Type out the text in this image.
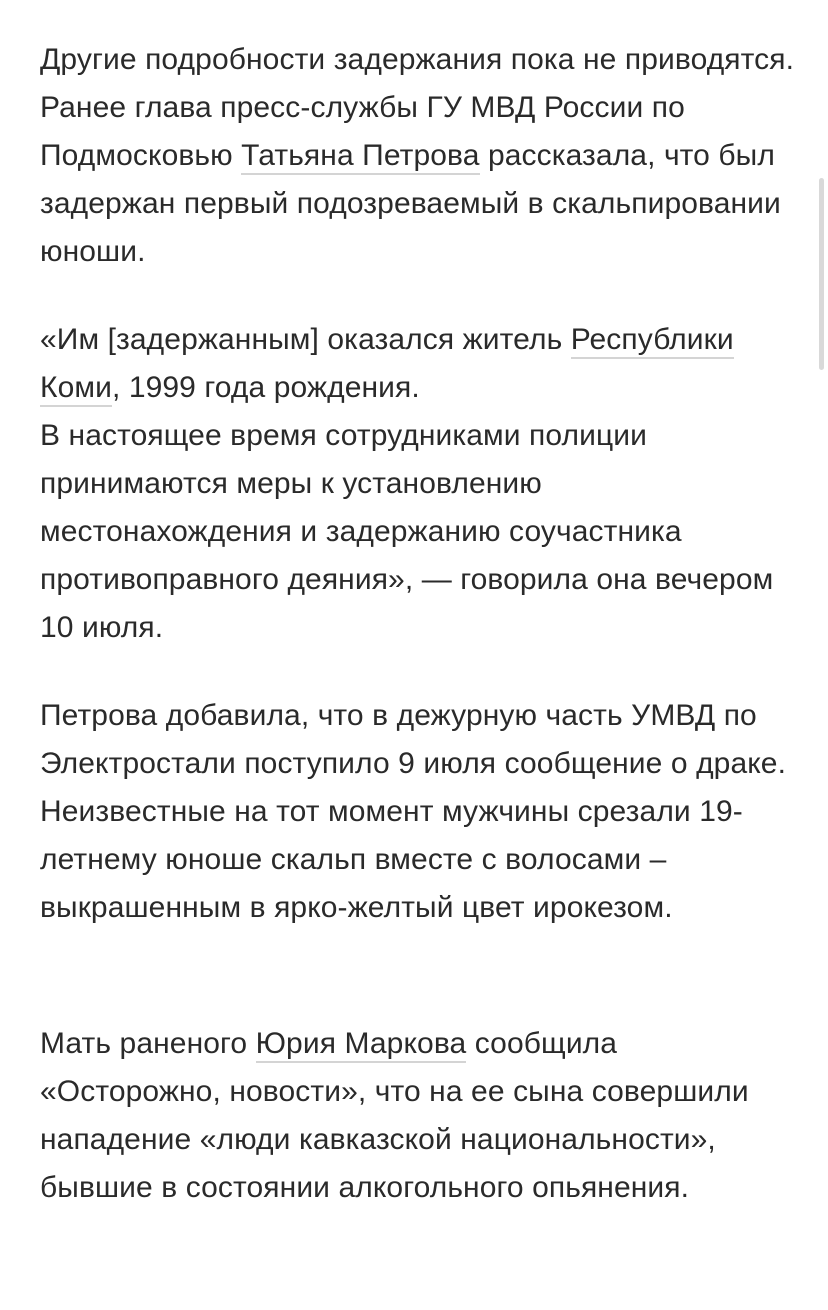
Другие подробности задержания пока не приводятся. Ранее глава пресс-службы ГУ МВД России по Подмосковью Татьяна Петрова рассказала, что был задержан первый подозреваемый в скальпировании юноши.

«Им [задержанным] оказался житель Республики Коми, 1999 года рождения.
В настоящее время сотрудниками полиции принимаются меры к установлению местонахождения и задержанию соучастника противоправного деяния», — говорила она вечером 10 июля.

Петрова добавила, что в дежурную часть УМВД по Электростали поступило 9 июля сообщение о драке. Неизвестные на тот момент мужчины срезали 19-летнему юноше скальп вместе с волосами – выкрашенным в ярко-желтый цвет ирокезом.

Мать раненого Юрия Маркова сообщила «Осторожно, новости», что на ее сына совершили нападение «люди кавказской национальности», бывшие в состоянии алкогольного опьянения.
